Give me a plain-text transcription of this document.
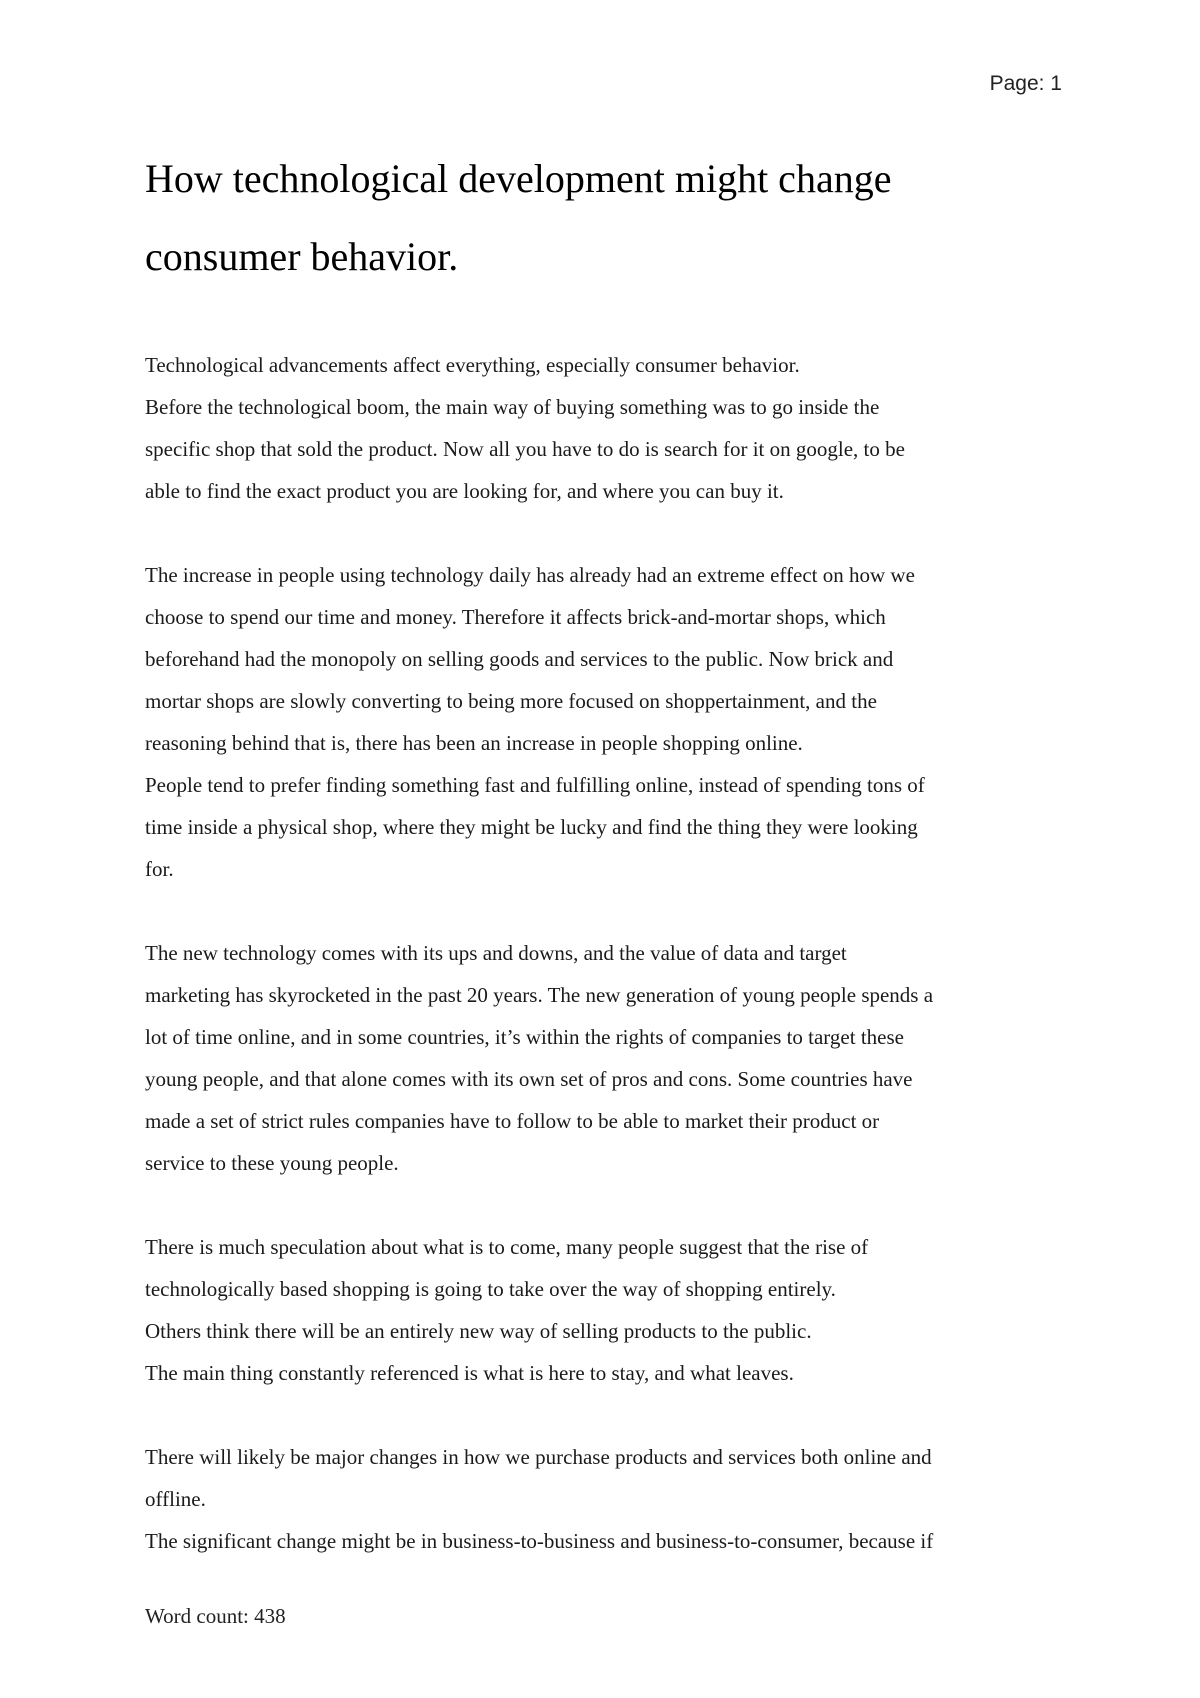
Page: 1
How technological development might change
consumer behavior.

Technological advancements affect everything, especially consumer behavior.
Before the technological boom, the main way of buying something was to go inside the
specific shop that sold the product. Now all you have to do is search for it on google, to be
able to find the exact product you are looking for, and where you can buy it.

The increase in people using technology daily has already had an extreme effect on how we
choose to spend our time and money. Therefore it affects brick-and-mortar shops, which
beforehand had the monopoly on selling goods and services to the public. Now brick and
mortar shops are slowly converting to being more focused on shoppertainment, and the
reasoning behind that is, there has been an increase in people shopping online.
People tend to prefer finding something fast and fulfilling online, instead of spending tons of
time inside a physical shop, where they might be lucky and find the thing they were looking
for.

The new technology comes with its ups and downs, and the value of data and target
marketing has skyrocketed in the past 20 years. The new generation of young people spends a
lot of time online, and in some countries, it’s within the rights of companies to target these
young people, and that alone comes with its own set of pros and cons. Some countries have
made a set of strict rules companies have to follow to be able to market their product or
service to these young people.

There is much speculation about what is to come, many people suggest that the rise of
technologically based shopping is going to take over the way of shopping entirely.
Others think there will be an entirely new way of selling products to the public.
The main thing constantly referenced is what is here to stay, and what leaves.

There will likely be major changes in how we purchase products and services both online and
offline.
The significant change might be in business-to-business and business-to-consumer, because if

Word count: 438
